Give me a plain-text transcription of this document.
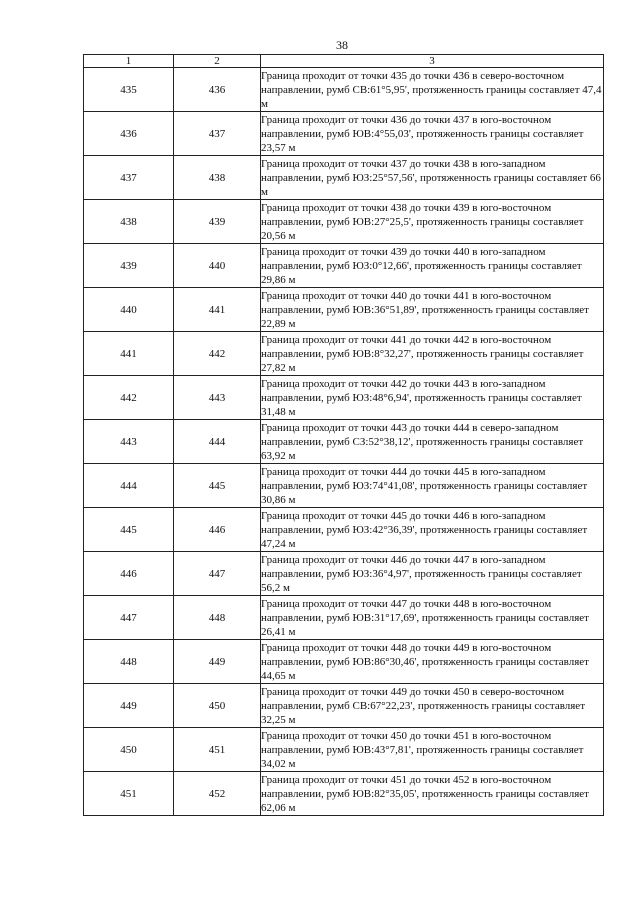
38
1	2	3
435	436	Граница проходит от точки 435 до точки 436 в северо-восточном направлении, румб СВ:61°5,95', протяженность границы составляет 47,4 м
436	437	Граница проходит от точки 436 до точки 437 в юго-восточном направлении, румб ЮВ:4°55,03', протяженность границы составляет 23,57 м
437	438	Граница проходит от точки 437 до точки 438 в юго-западном направлении, румб ЮЗ:25°57,56', протяженность границы составляет 66 м
438	439	Граница проходит от точки 438 до точки 439 в юго-восточном направлении, румб ЮВ:27°25,5', протяженность границы составляет 20,56 м
439	440	Граница проходит от точки 439 до точки 440 в юго-западном направлении, румб ЮЗ:0°12,66', протяженность границы составляет 29,86 м
440	441	Граница проходит от точки 440 до точки 441 в юго-восточном направлении, румб ЮВ:36°51,89', протяженность границы составляет 22,89 м
441	442	Граница проходит от точки 441 до точки 442 в юго-восточном направлении, румб ЮВ:8°32,27', протяженность границы составляет 27,82 м
442	443	Граница проходит от точки 442 до точки 443 в юго-западном направлении, румб ЮЗ:48°6,94', протяженность границы составляет 31,48 м
443	444	Граница проходит от точки 443 до точки 444 в северо-западном направлении, румб СЗ:52°38,12', протяженность границы составляет 63,92 м
444	445	Граница проходит от точки 444 до точки 445 в юго-западном направлении, румб ЮЗ:74°41,08', протяженность границы составляет 30,86 м
445	446	Граница проходит от точки 445 до точки 446 в юго-западном направлении, румб ЮЗ:42°36,39', протяженность границы составляет 47,24 м
446	447	Граница проходит от точки 446 до точки 447 в юго-западном направлении, румб ЮЗ:36°4,97', протяженность границы составляет 56,2 м
447	448	Граница проходит от точки 447 до точки 448 в юго-восточном направлении, румб ЮВ:31°17,69', протяженность границы составляет 26,41 м
448	449	Граница проходит от точки 448 до точки 449 в юго-восточном направлении, румб ЮВ:86°30,46', протяженность границы составляет 44,65 м
449	450	Граница проходит от точки 449 до точки 450 в северо-восточном направлении, румб СВ:67°22,23', протяженность границы составляет 32,25 м
450	451	Граница проходит от точки 450 до точки 451 в юго-восточном направлении, румб ЮВ:43°7,81', протяженность границы составляет 34,02 м
451	452	Граница проходит от точки 451 до точки 452 в юго-восточном направлении, румб ЮВ:82°35,05', протяженность границы составляет 62,06 м
